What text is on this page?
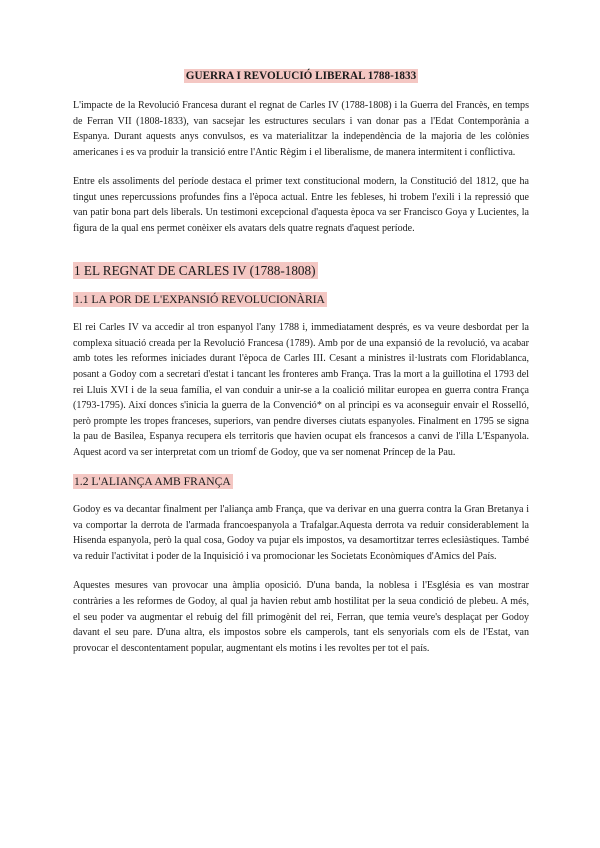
GUERRA I REVOLUCIÓ LIBERAL 1788-1833

L'impacte de la Revolució Francesa durant el regnat de Carles IV (1788-1808) i la Guerra del Francès, en temps de Ferran VII (1808-1833), van sacsejar les estructures seculars i van donar pas a l'Edat Contemporània a Espanya. Durant aquests anys convulsos, es va materialitzar la independència de la majoria de les colònies americanes i es va produir la transició entre l'Antic Règim i el liberalisme, de manera intermitent i conflictiva.

Entre els assoliments del període destaca el primer text constitucional modern, la Constitució del 1812, que ha tingut unes repercussions profundes fins a l'època actual. Entre les febleses, hi trobem l'exili i la repressió que van patir bona part dels liberals. Un testimoni excepcional d'aquesta època va ser Francisco Goya y Lucientes, la figura de la qual ens permet conèixer els avatars dels quatre regnats d'aquest període.

1 EL REGNAT DE CARLES IV (1788-1808)
1.1 LA POR DE L'EXPANSIÓ REVOLUCIONÀRIA

El rei Carles IV va accedir al tron espanyol l'any 1788 i, immediatament després, es va veure desbordat per la complexa situació creada per la Revolució Francesa (1789). Amb por de una expansió de la revolució, va acabar amb totes les reformes iniciades durant l'època de Carles III. Cesant a ministres il·lustrats com Floridablanca, posant a Godoy com a secretari d'estat i tancant les fronteres amb França. Tras la mort a la guillotina el 1793 del rei Lluis XVI i de la seua família, el van conduir a unir-se a la coalició militar europea en guerra contra França (1793-1795). Així donces s'inicia la guerra de la Convenció* on al principi es va aconseguir envair el Rosselló, però prompte les tropes franceses, superiors, van pendre diverses ciutats espanyoles. Finalment en 1795 se signa la pau de Basilea, Espanya recupera els territoris que havien ocupat els francesos a canvi de l'illa L'Espanyola. Aquest acord va ser interpretat com un triomf de Godoy, que va ser nomenat Príncep de la Pau.

1.2 L'ALIANÇA AMB FRANÇA

Godoy es va decantar finalment per l'aliança amb França, que va derivar en una guerra contra la Gran Bretanya i va comportar la derrota de l'armada francoespanyola a Trafalgar.Aquesta derrota va reduir considerablement la Hisenda espanyola, però la qual cosa, Godoy va pujar els impostos, va desamortitzar terres eclesiàstiques. També va reduir l'activitat i poder de la Inquisició i va promocionar les Societats Econòmiques d'Amics del País.

Aquestes mesures van provocar una àmplia oposició. D'una banda, la noblesa i l'Església es van mostrar contràries a les reformes de Godoy, al qual ja havien rebut amb hostilitat per la seua condició de plebeu. A més, el seu poder va augmentar el rebuig del fill primogènit del rei, Ferran, que temia veure's desplaçat per Godoy davant el seu pare. D'una altra, els impostos sobre els camperols, tant els senyorials com els de l'Estat, van provocar el descontentament popular, augmentant els motins i les revoltes per tot el país.
